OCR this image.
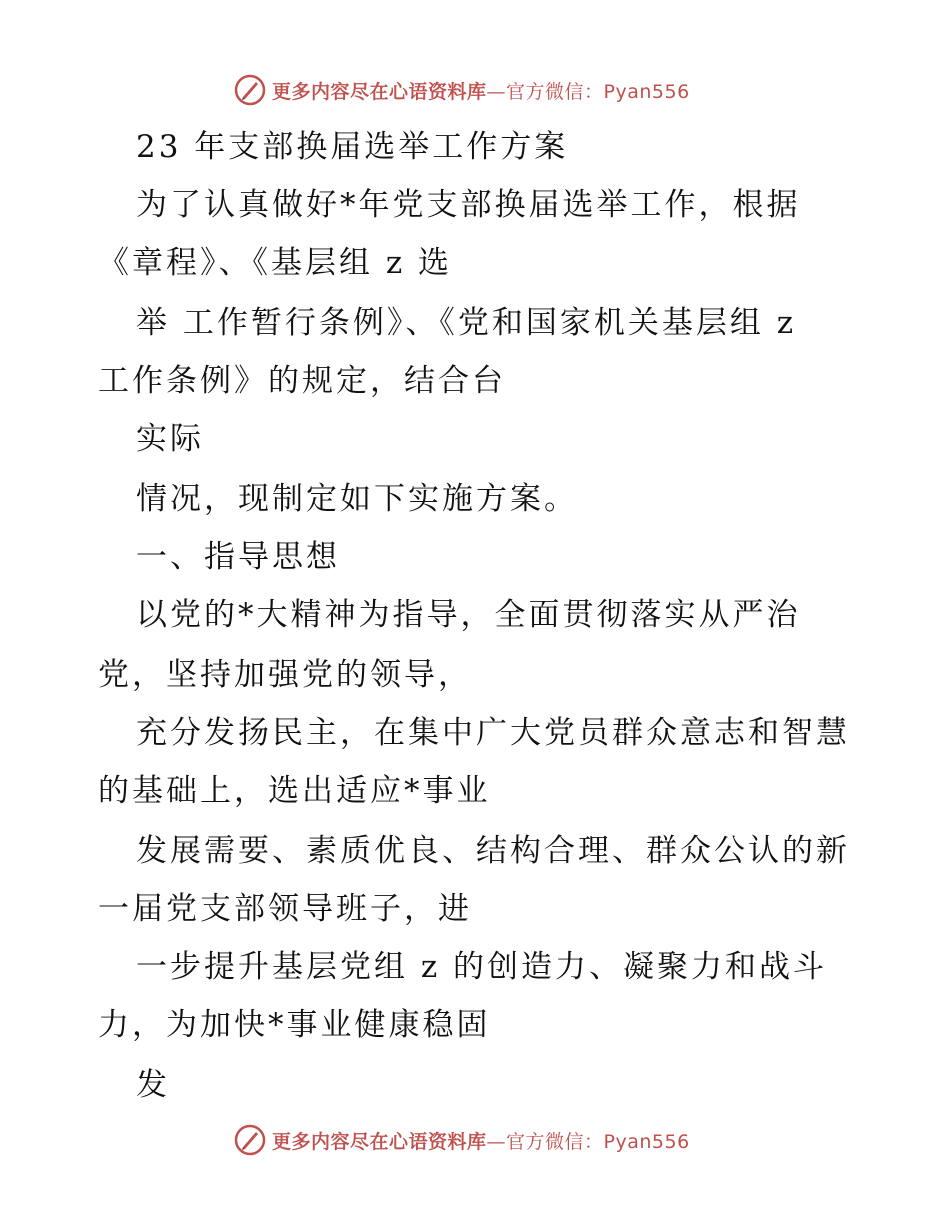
更多内容尽在心语资料库—官方微信：Pyan556
23 年支部换届选举工作方案
为了认真做好*年党支部换届选举工作，根据
《章程》、《基层组 z 选
举 工作暂行条例》、《党和国家机关基层组 z
工作条例》的规定，结合台
实际
情况，现制定如下实施方案。
一、指导思想
以党的*大精神为指导，全面贯彻落实从严治
党，坚持加强党的领导，
充分发扬民主，在集中广大党员群众意志和智慧
的基础上，选出适应*事业
发展需要、素质优良、结构合理、群众公认的新
一届党支部领导班子，进
一步提升基层党组 z 的创造力、凝聚力和战斗
力，为加快*事业健康稳固
发
更多内容尽在心语资料库—官方微信：Pyan556
